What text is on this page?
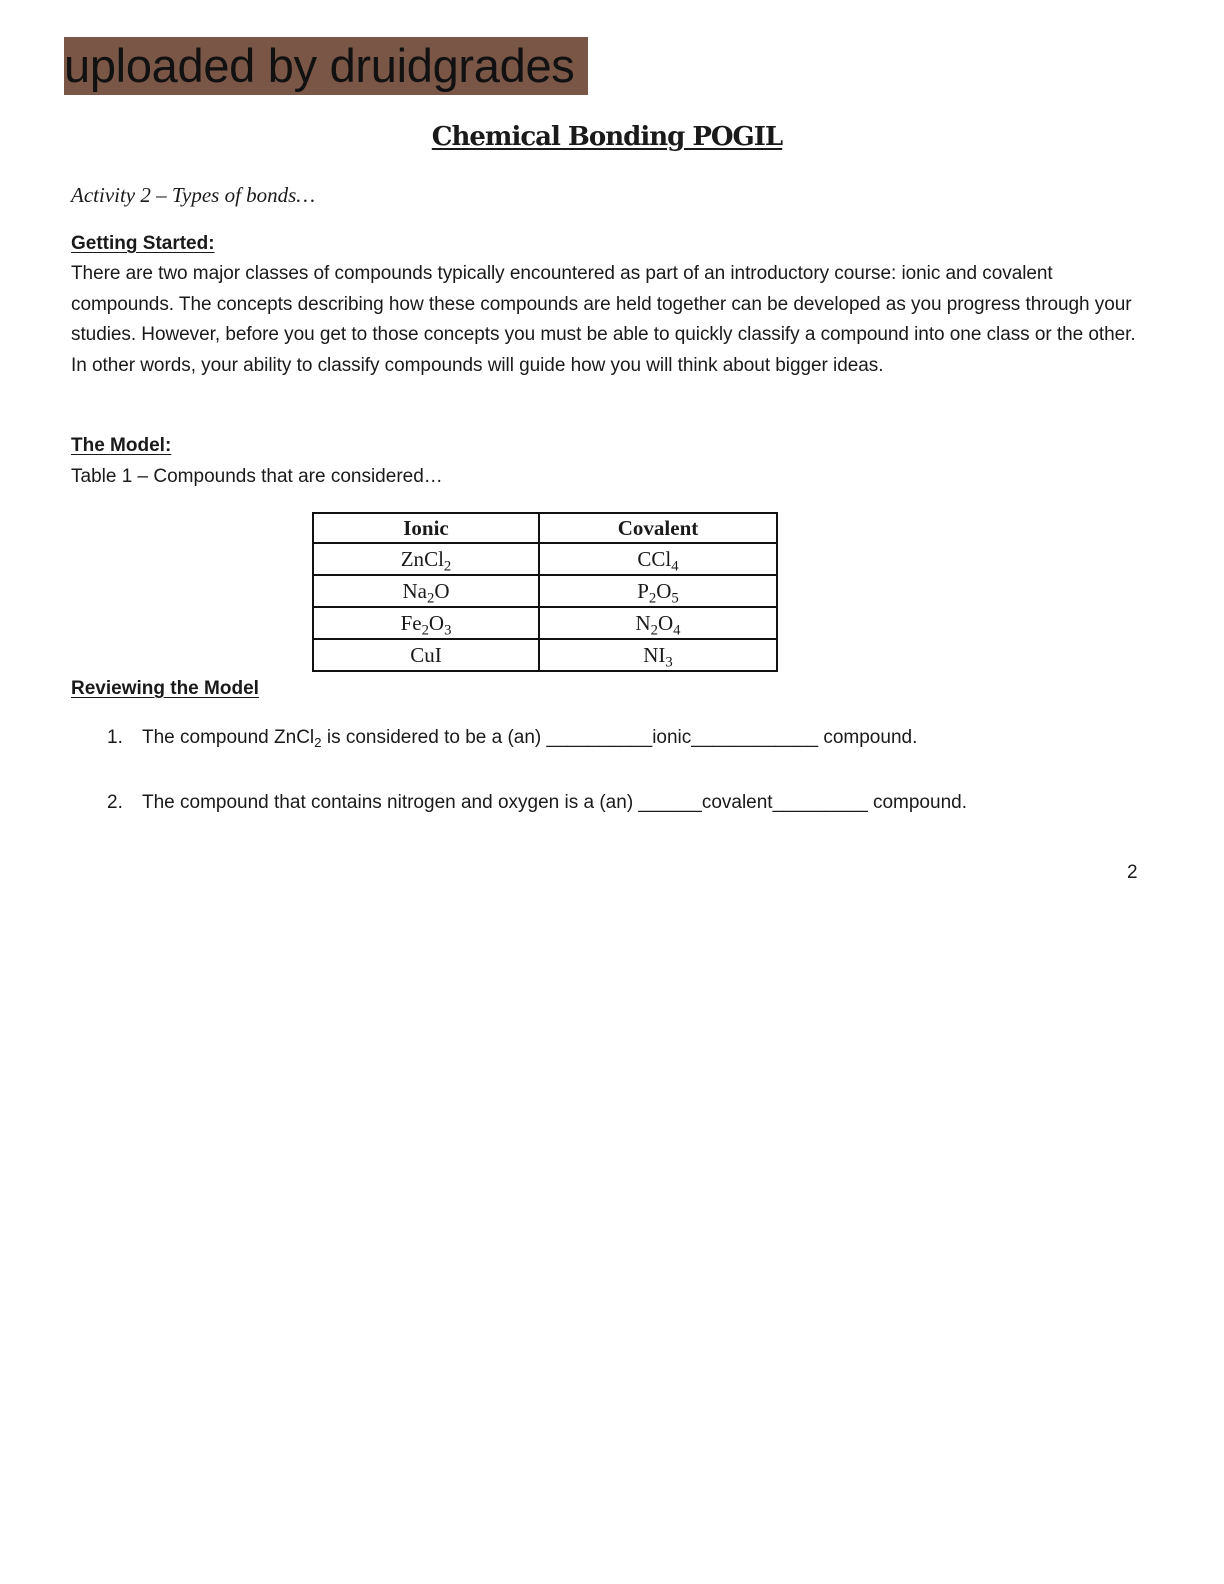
uploaded by druidgrades
Chemical Bonding POGIL
Activity 2 – Types of bonds…
Getting Started:
There are two major classes of compounds typically encountered as part of an introductory course: ionic and covalent compounds. The concepts describing how these compounds are held together can be developed as you progress through your studies. However, before you get to those concepts you must be able to quickly classify a compound into one class or the other. In other words, your ability to classify compounds will guide how you will think about bigger ideas.
The Model:
Table 1 – Compounds that are considered…
Ionic	Covalent
ZnCl$_2$	CCl$_4$
$Na_2O$	$P_2O_5$
$Fe_2O_3$	$N_2O_4$
CuI	$NI_3$
Reviewing the Model
1. The compound ZnCl$_2$ is considered to be a (an) __________ionic____________ compound.
2. The compound that contains nitrogen and oxygen is a (an) ______covalent_________ compound.
2
